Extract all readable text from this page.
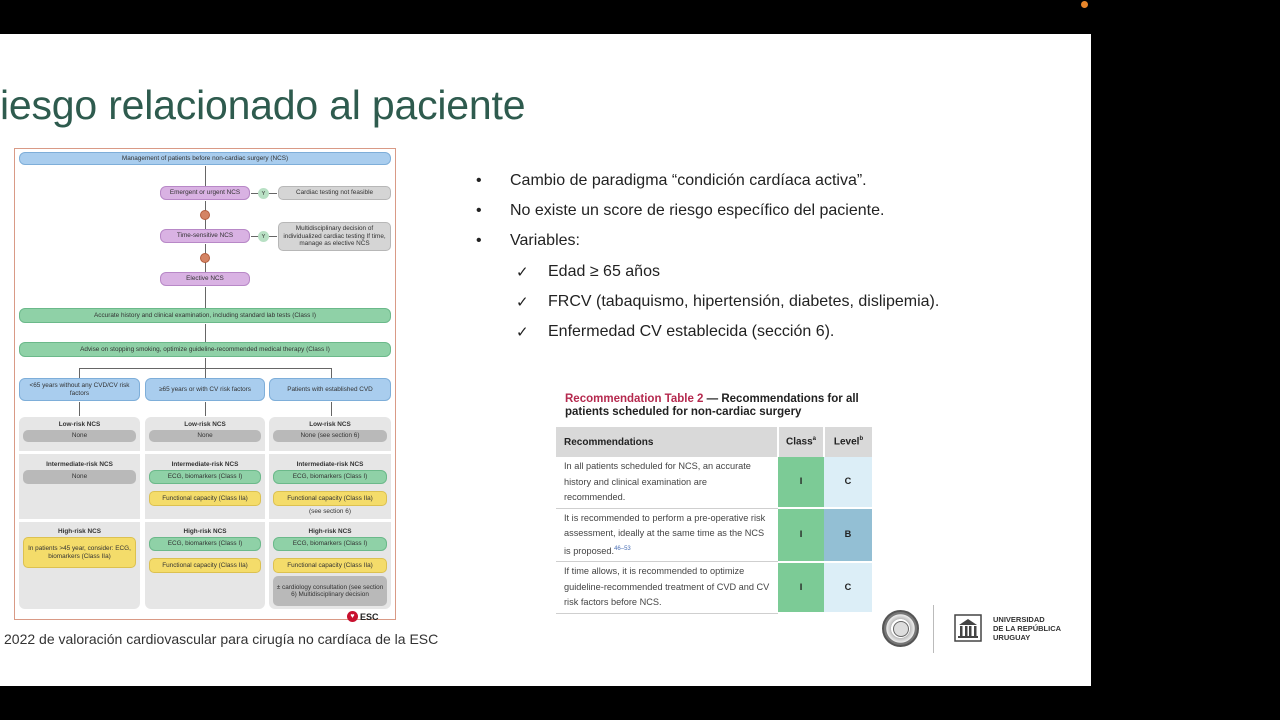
iesgo relacionado al paciente
Management of patients before non-cardiac surgery (NCS)
Emergent or urgent NCS	Y	Cardiac testing not feasible
Time-sensitive NCS	Y
Multidisciplinary decision of individualized cardiac testing If time, manage as elective NCS
Elective NCS
Accurate history and clinical examination, including standard lab tests (Class I)
Advise on stopping smoking, optimize guideline-recommended medical therapy (Class I)
<65 years without any CVD/CV risk factors
≥65 years or with CV risk factors	Patients with established CVD
Low-risk NCS
None
Low-risk NCS
None
Low-risk NCS
None (see section 6)
Intermediate-risk NCS
None
Intermediate-risk NCS
ECG, biomarkers (Class I)
Functional capacity (Class IIa)
Intermediate-risk NCS
ECG, biomarkers (Class I)
Functional capacity (Class IIa)
(see section 6)
High-risk NCS
In patients >45 year, consider: ECG, biomarkers (Class IIa)
High-risk NCS
ECG, biomarkers (Class I)
Functional capacity (Class IIa)
High-risk NCS
ECG, biomarkers (Class I)
Functional capacity (Class IIa)
± cardiology consultation (see section 6) Multidisciplinary decision
♥ ESC
2022 de valoración cardiovascular para cirugía no cardíaca de la ESC
•	Cambio de paradigma “condición cardíaca activa”.
•	No existe un score de riesgo específico del paciente.
•	Variables:
✓	Edad ≥ 65 años
✓	FRCV (tabaquismo, hipertensión, diabetes, dislipemia).
✓	Enfermedad CV establecida (sección 6).
Recommendation Table 2 — Recommendations for all patients scheduled for non-cardiac surgery
Recommendations	Class$^a$	Level$^b$
In all patients scheduled for NCS, an accurate history and clinical examination are recommended.	I	C
It is recommended to perform a pre-operative risk assessment, ideally at the same time as the NCS is proposed.$^{46-53}$	I	B
If time allows, it is recommended to optimize guideline-recommended treatment of CVD and CV risk factors before NCS.	I	C
UNIVERSIDAD
DE LA REPÚBLICA
URUGUAY
